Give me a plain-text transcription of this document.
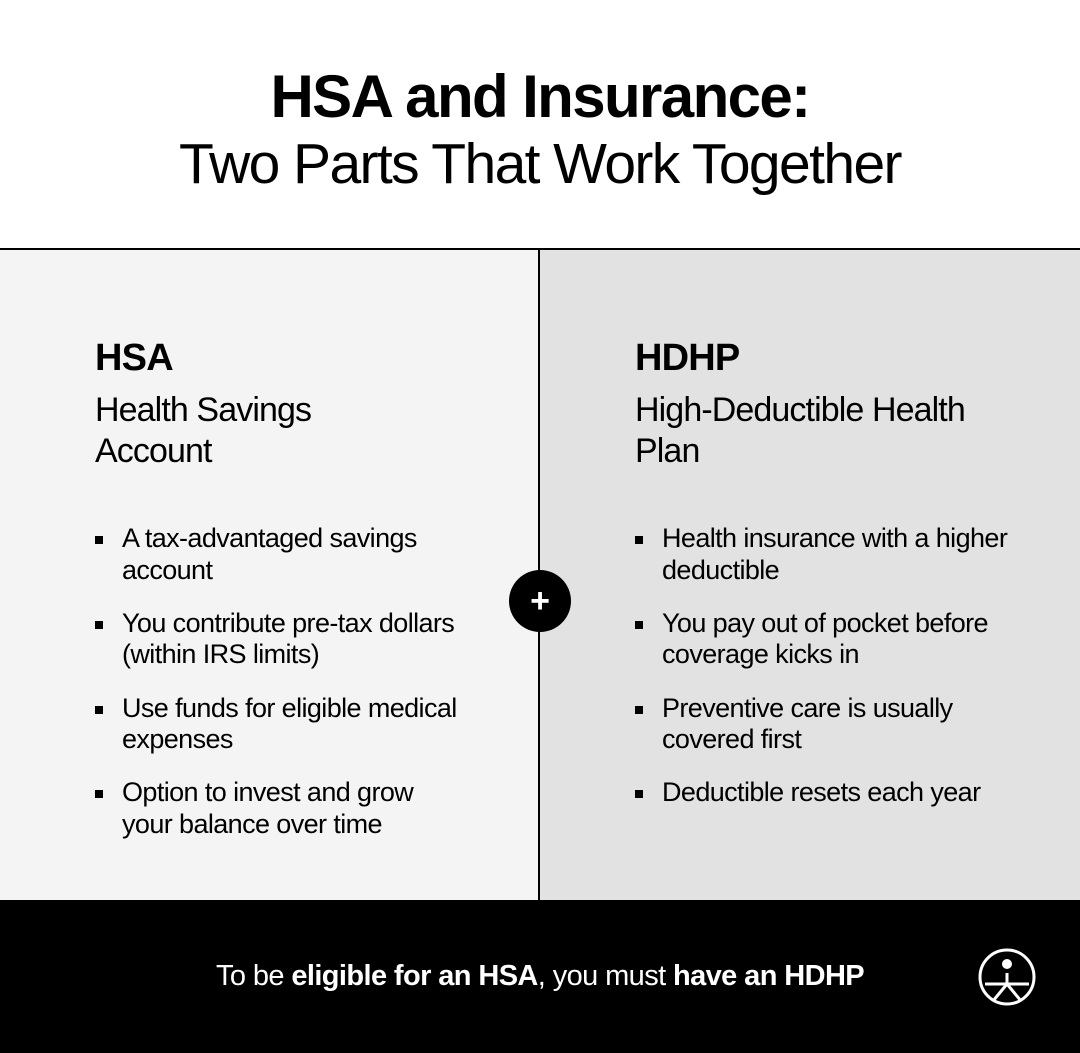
HSA and Insurance:
Two Parts That Work Together
HSA

Health Savings Account

A tax-advantaged savings account
You contribute pre-tax dollars (within IRS limits)
Use funds for eligible medical expenses
Option to invest and grow your balance over time
HDHP

High-Deductible Health Plan

Health insurance with a higher deductible
You pay out of pocket before coverage kicks in
Preventive care is usually covered first
Deductible resets each year
+
To be eligible for an HSA, you must have an HDHP
